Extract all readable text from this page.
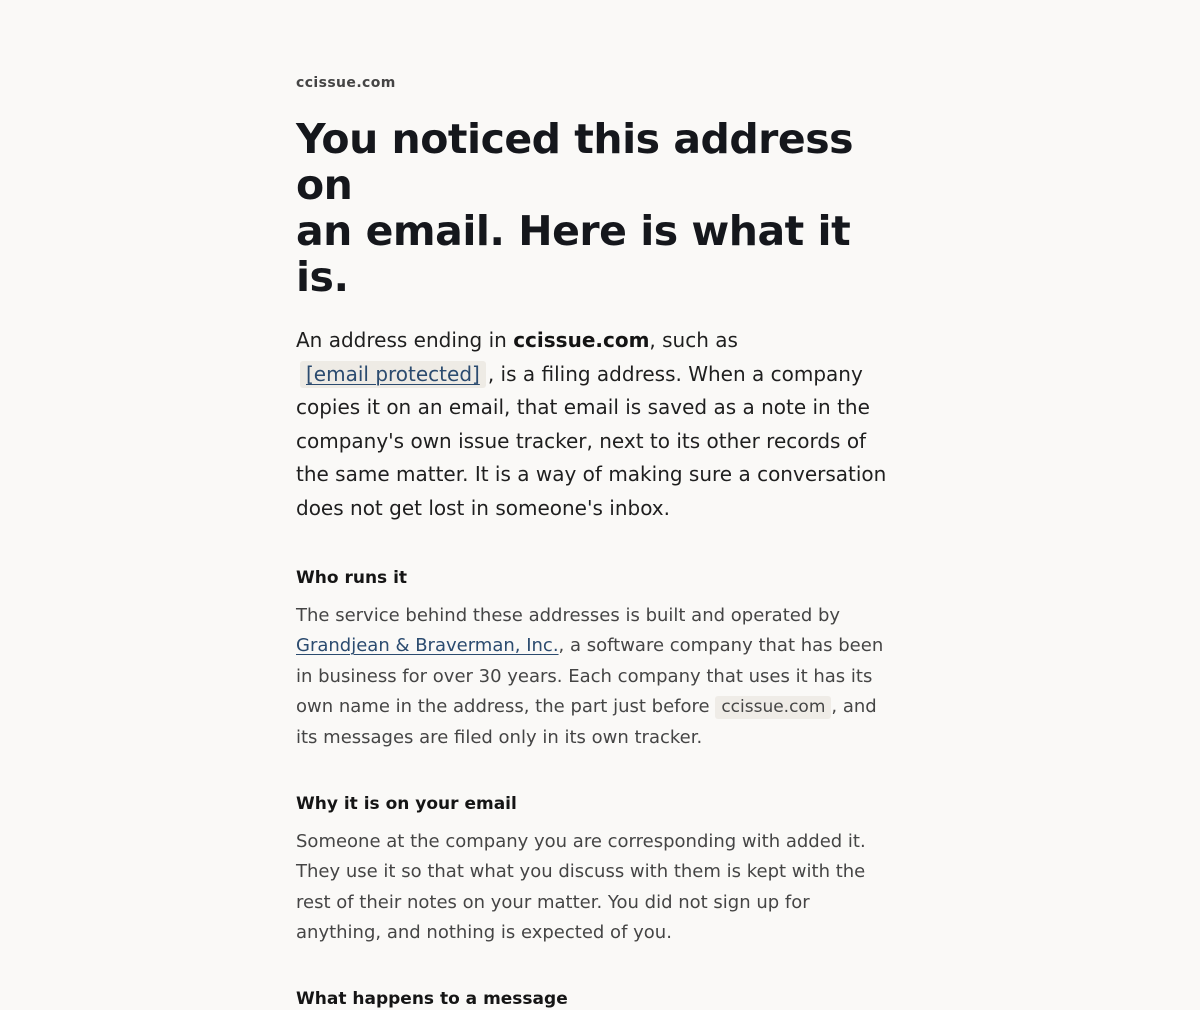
ccissue.com

You noticed this address on
an email. Here is what it is.

An address ending in ccissue.com, such as [email protected] , is a filing address. When a company copies it on an email, that email is saved as a note in the company's own issue tracker, next to its other records of the same matter. It is a way of making sure a conversation does not get lost in someone's inbox.

Who runs it

The service behind these addresses is built and operated by Grandjean & Braverman, Inc., a software company that has been in business for over 30 years. Each company that uses it has its own name in the address, the part just before ccissue.com , and its messages are filed only in its own tracker.

Why it is on your email

Someone at the company you are corresponding with added it. They use it so that what you discuss with them is kept with the rest of their notes on your matter. You did not sign up for anything, and nothing is expected of you.

What happens to a message
